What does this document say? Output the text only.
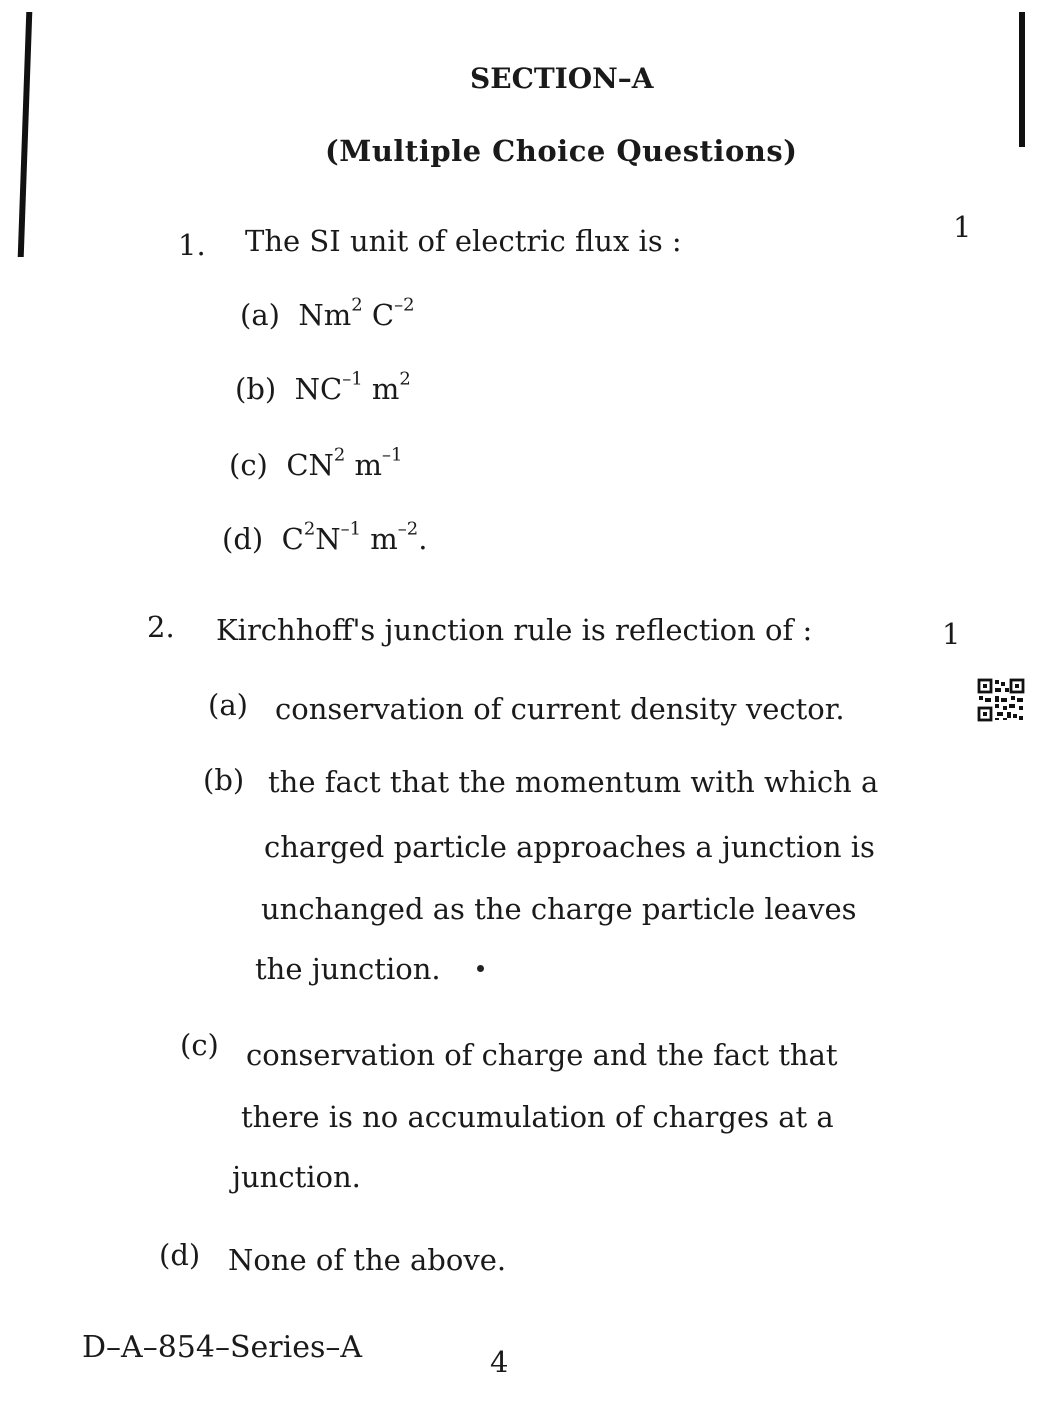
SECTION–A
(Multiple Choice Questions)
1. The SI unit of electric flux is :	1
(a) Nm$^2$ $C^{-2}$
(b) $NC^{-1}$ $m^2$
(c) $CN^2$ $m^{-1}$
(d) $C^2N^{-1}$ $m^{-2}$.
2. Kirchhoff's junction rule is reflection of :	1
(a) conservation of current density vector.
(b) the fact that the momentum with which a
charged particle approaches a junction is
unchanged as the charge particle leaves
the junction.
(c) conservation of charge and the fact that
there is no accumulation of charges at a
junction.
(d) None of the above.
D–A–854–Series–A	4
